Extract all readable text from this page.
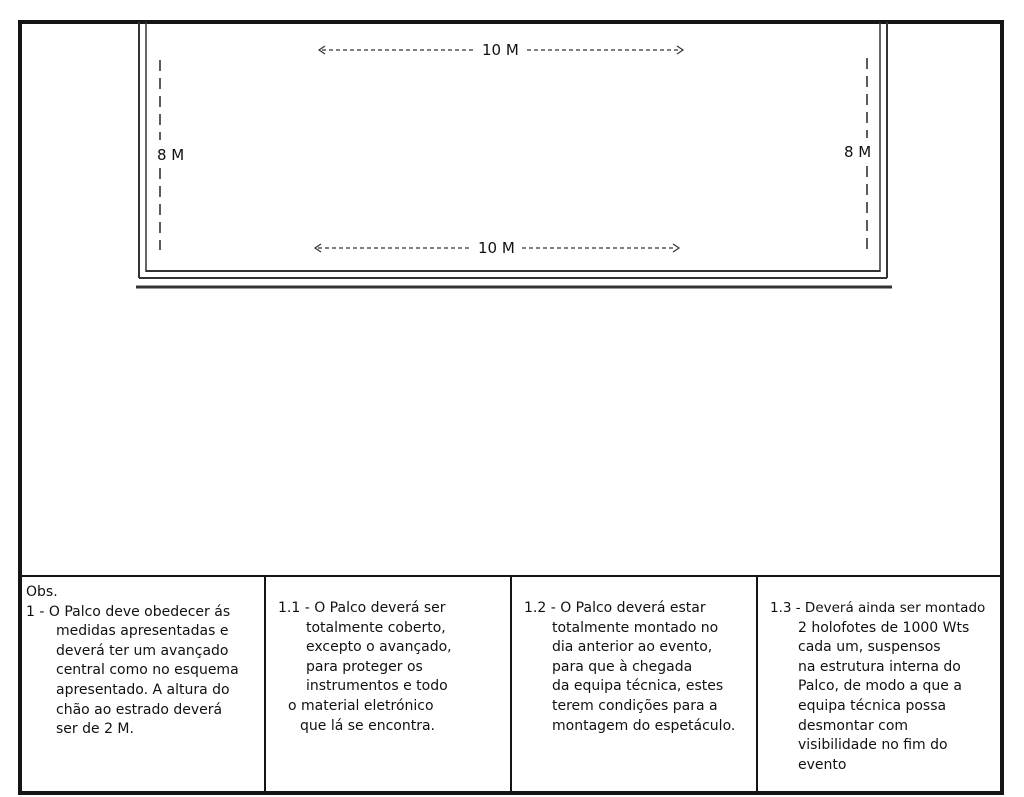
10 M
10 M
8 M	8 M
Obs.
1 - O Palco deve obedecer ás
medidas apresentadas e
deverá ter um avançado
central como no esquema
apresentado. A altura do
chão ao estrado deverá
ser de 2 M.
1.1 - O Palco deverá ser
totalmente coberto,
excepto o avançado,
para proteger os
instrumentos e todo
o material eletrónico
que lá se encontra.
1.2 - O Palco deverá estar
totalmente montado no
dia anterior ao evento,
para que à chegada
da equipa técnica, estes
terem condições para a
montagem do espetáculo.
1.3 - Deverá ainda ser montado
2 holofotes de 1000 Wts
cada um, suspensos
na estrutura interna do
Palco, de modo a que a
equipa técnica possa
desmontar com
visibilidade no fim do
evento
